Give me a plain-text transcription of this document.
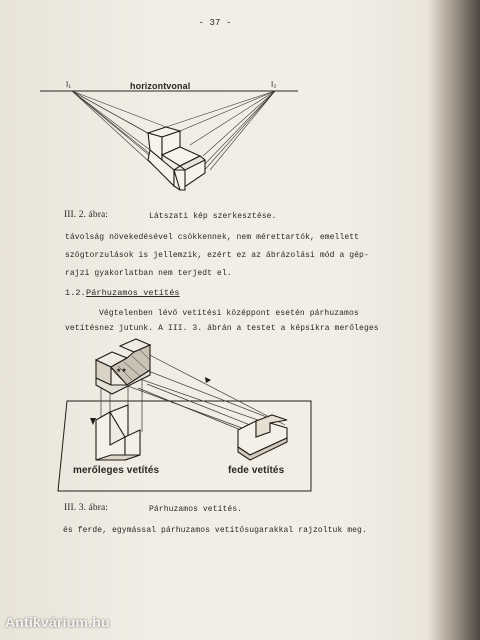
- 37 -
I₁	I₂
horizontvonal
III. 2. ábra:	Látszati kép szerkesztése.
távolság növekedésével csökkennek, nem mérettartók, emellett
szögtorzulások is jellemzik, ezért ez az ábrázolási mód a gép-
rajzi gyakorlatban nem terjedt el.
1.2. Párhuzamos vetítés
Végtelenben lévő vetítési középpont esetén párhuzamos
vetítésnez jutunk. A III. 3. ábrán a testet a képsíkra merőleges
★★
merőleges vetítés	fede vetítés
III. 3. ábra:	Párhuzamos vetítés.
és ferde, egymással párhuzamos vetítősugarakkal rajzoltuk meg.
Antikvárium.hu
